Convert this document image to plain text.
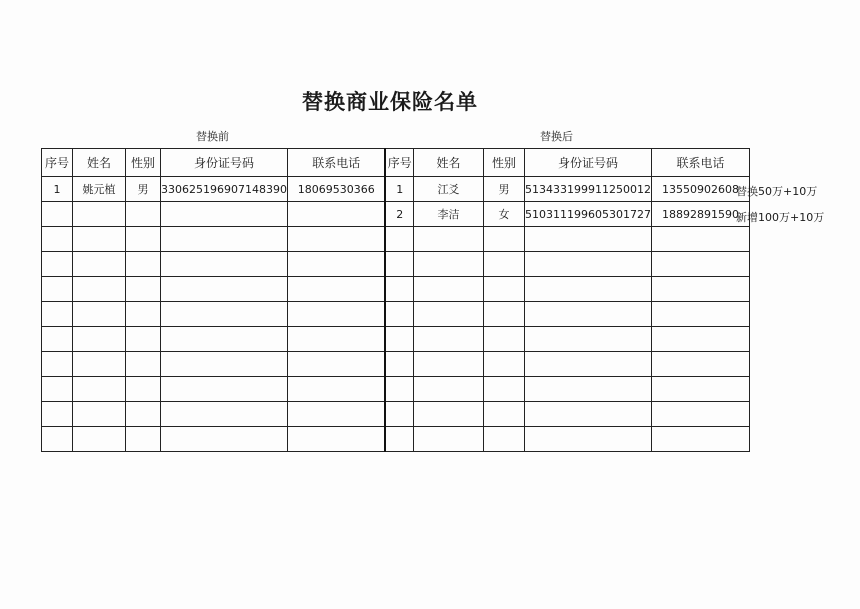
替换商业保险名单
替换前	替换后
序号	姓名	性别	身份证号码	联系电话	序号	姓名	性别	身份证号码	联系电话
1	姚元植	男	330625196907148390	18069530366	1	江爻	男	513433199911250012	13550902608
					2	李洁	女	510311199605301727	18892891590

替换50万+10万
新增100万+10万
